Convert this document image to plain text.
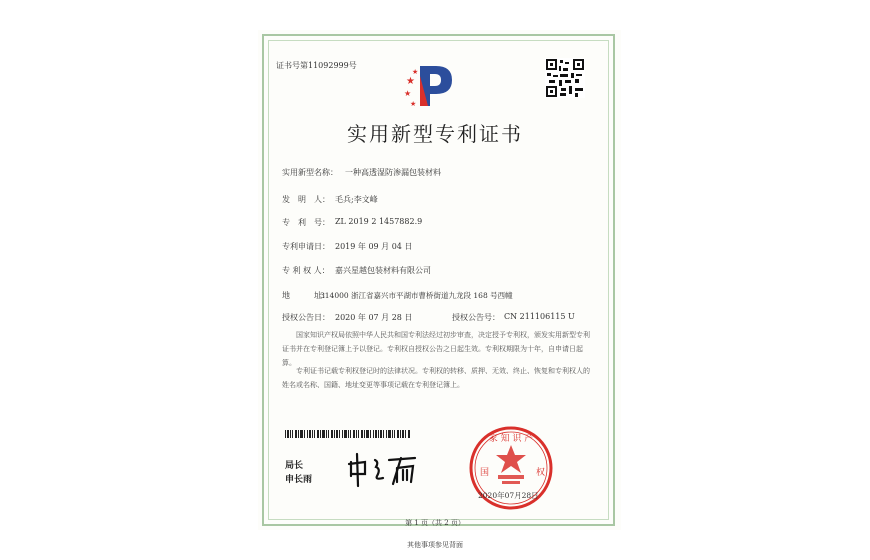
证书号第11092999号
★
★
★
★
实用新型专利证书
实用新型名称： 一种高透湿防渗漏包装材料
发　明　人： 毛兵;李文峰
专　利　号： ZL 2019 2 1457882.9
专利申请日： 2019 年 09 月 04 日
专 利 权 人： 嘉兴星越包装材料有限公司
地　　　址：
314000 浙江省嘉兴市平湖市曹桥街道九龙段 168 号西幢
授权公告日： 2020 年 07 月 28 日	授权公告号： CN 211106115 U
国家知识产权局依照中华人民共和国专利法经过初步审查，决定授予专利权，颁发实用新型专利证书并在专利登记簿上予以登记。专利权自授权公告之日起生效。专利权期限为十年，自申请日起算。
专利证书记载专利权登记时的法律状况。专利权的转移、质押、无效、终止、恢复和专利权人的姓名或名称、国籍、地址变更等事项记载在专利登记簿上。
局长
申长雨
家 知 识 产
国	权
2020年07月28日
第 1 页（共 2 页）
其他事项参见背面
